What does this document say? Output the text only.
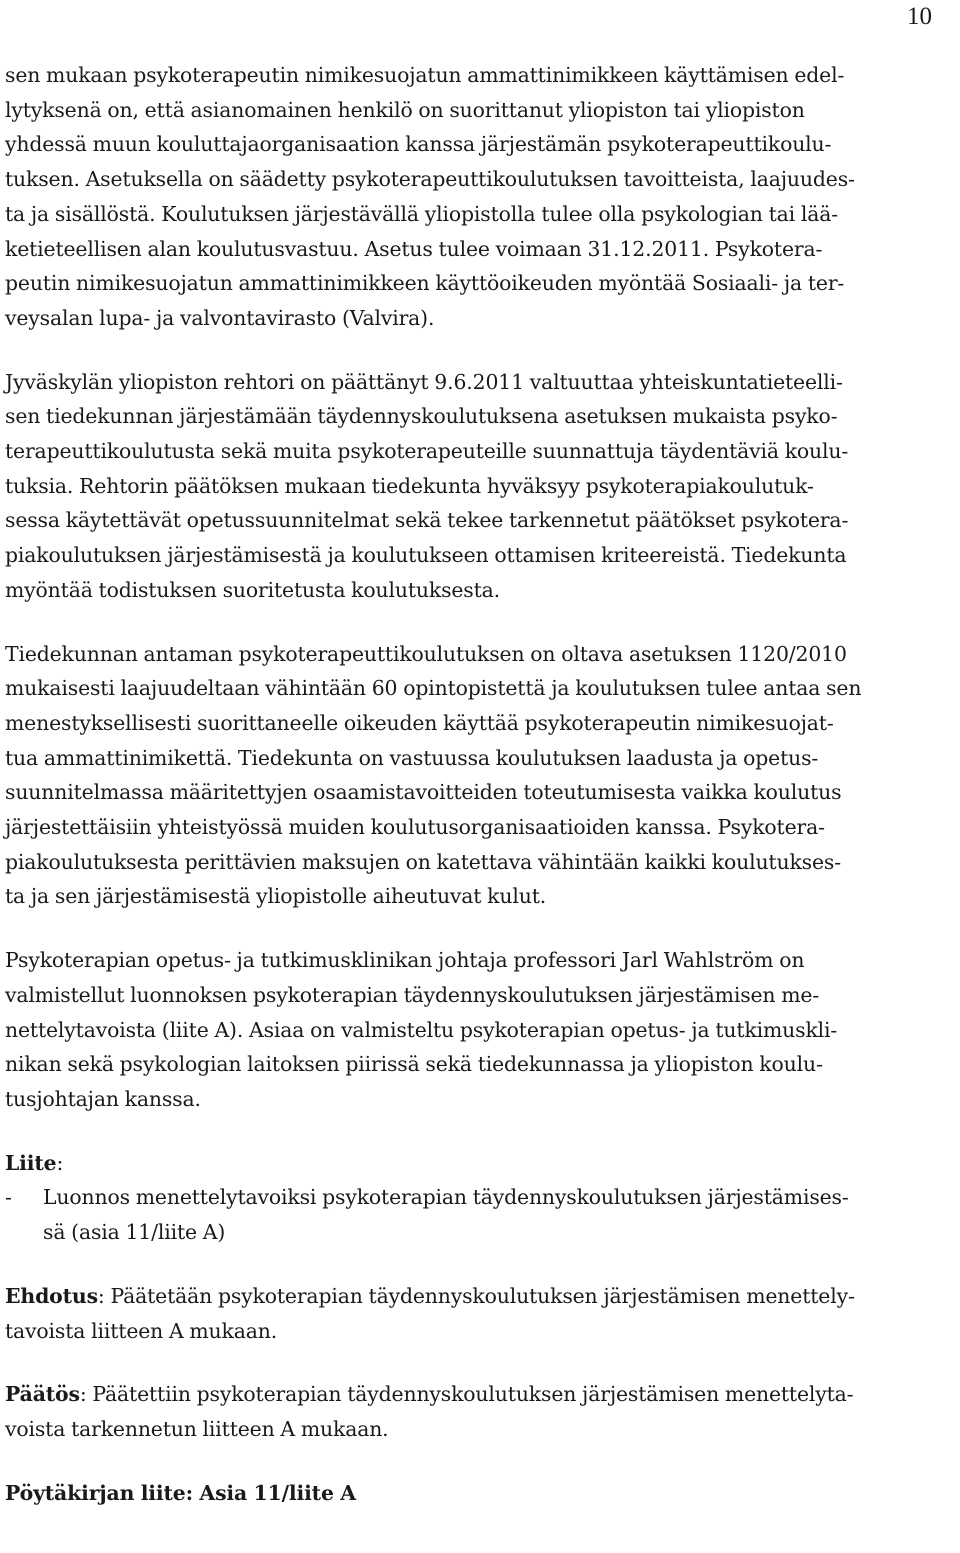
10
sen mukaan psykoterapeutin nimikesuojatun ammattinimikkeen käyttämisen edel-
lytyksenä on, että asianomainen henkilö on suorittanut yliopiston tai yliopiston
yhdessä muun kouluttajaorganisaation kanssa järjestämän psykoterapeuttikoulu-
tuksen. Asetuksella on säädetty psykoterapeuttikoulutuksen tavoitteista, laajuudes-
ta ja sisällöstä. Koulutuksen järjestävällä yliopistolla tulee olla psykologian tai lää-
ketieteellisen alan koulutusvastuu. Asetus tulee voimaan 31.12.2011. Psykotera-
peutin nimikesuojatun ammattinimikkeen käyttöoikeuden myöntää Sosiaali- ja ter-
veysalan lupa- ja valvontavirasto (Valvira).
Jyväskylän yliopiston rehtori on päättänyt 9.6.2011 valtuuttaa yhteiskuntatieteelli-
sen tiedekunnan järjestämään täydennyskoulutuksena asetuksen mukaista psyko-
terapeuttikoulutusta sekä muita psykoterapeuteille suunnattuja täydentäviä koulu-
tuksia. Rehtorin päätöksen mukaan tiedekunta hyväksyy psykoterapiakoulutuk-
sessa käytettävät opetussuunnitelmat sekä tekee tarkennetut päätökset psykotera-
piakoulutuksen järjestämisestä ja koulutukseen ottamisen kriteereistä. Tiedekunta
myöntää todistuksen suoritetusta koulutuksesta.
Tiedekunnan antaman psykoterapeuttikoulutuksen on oltava asetuksen 1120/2010
mukaisesti laajuudeltaan vähintään 60 opintopistettä ja koulutuksen tulee antaa sen
menestyksellisesti suorittaneelle oikeuden käyttää psykoterapeutin nimikesuojat-
tua ammattinimikettä. Tiedekunta on vastuussa koulutuksen laadusta ja opetus-
suunnitelmassa määritettyjen osaamistavoitteiden toteutumisesta vaikka koulutus
järjestettäisiin yhteistyössä muiden koulutusorganisaatioiden kanssa. Psykotera-
piakoulutuksesta perittävien maksujen on katettava vähintään kaikki koulutukses-
ta ja sen järjestämisestä yliopistolle aiheutuvat kulut.
Psykoterapian opetus- ja tutkimusklinikan johtaja professori Jarl Wahlström on
valmistellut luonnoksen psykoterapian täydennyskoulutuksen järjestämisen me-
nettelytavoista (liite A). Asiaa on valmisteltu psykoterapian opetus- ja tutkimuskli-
nikan sekä psykologian laitoksen piirissä sekä tiedekunnassa ja yliopiston koulu-
tusjohtajan kanssa.
Liite:
- Luonnos menettelytavoiksi psykoterapian täydennyskoulutuksen järjestämises-
sä (asia 11/liite A)
Ehdotus: Päätetään psykoterapian täydennyskoulutuksen järjestämisen menettely-
tavoista liitteen A mukaan.
Päätös: Päätettiin psykoterapian täydennyskoulutuksen järjestämisen menettelyta-
voista tarkennetun liitteen A mukaan.
Pöytäkirjan liite: Asia 11/liite A
